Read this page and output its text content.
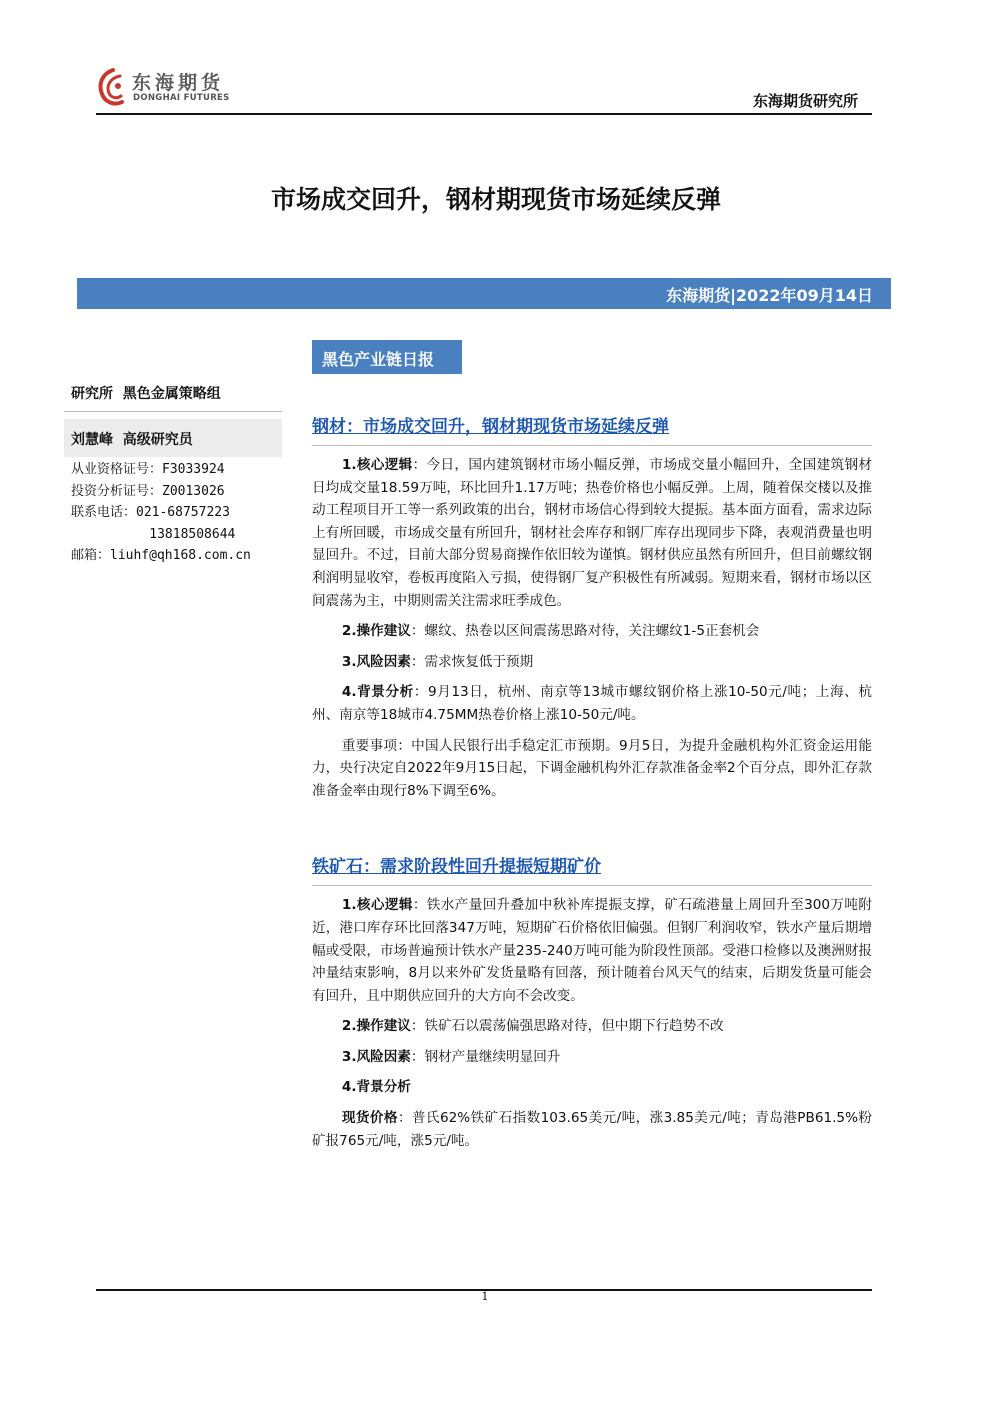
东海期货
DONGHAI FUTURES	东海期货研究所
市场成交回升，钢材期现货市场延续反弹
东海期货|2022年09月14日
黑色产业链日报
研究所  黑色金属策略组
刘慧峰  高级研究员
从业资格证号：F3033924
投资分析证号：Z0013026
联系电话：021-68757223
13818508644
邮箱：liuhf@qh168.com.cn

钢材：市场成交回升，钢材期现货市场延续反弹

1.核心逻辑：今日，国内建筑钢材市场小幅反弹，市场成交量小幅回升，全国建筑钢材日均成交量18.59万吨，环比回升1.17万吨；热卷价格也小幅反弹。上周，随着保交楼以及推动工程项目开工等一系列政策的出台，钢材市场信心得到较大提振。基本面方面看，需求边际上有所回暖，市场成交量有所回升，钢材社会库存和钢厂库存出现同步下降，表观消费量也明显回升。不过，目前大部分贸易商操作依旧较为谨慎。钢材供应虽然有所回升，但目前螺纹钢利润明显收窄，卷板再度陷入亏损，使得钢厂复产积极性有所减弱。短期来看，钢材市场以区间震荡为主，中期则需关注需求旺季成色。

2.操作建议：螺纹、热卷以区间震荡思路对待，关注螺纹1-5正套机会

3.风险因素：需求恢复低于预期

4.背景分析：9月13日，杭州、南京等13城市螺纹钢价格上涨10-50元/吨；上海、杭州、南京等18城市4.75MM热卷价格上涨10-50元/吨。

重要事项：中国人民银行出手稳定汇市预期。9月5日，为提升金融机构外汇资金运用能力，央行决定自2022年9月15日起，下调金融机构外汇存款准备金率2个百分点，即外汇存款准备金率由现行8%下调至6%。

铁矿石：需求阶段性回升提振短期矿价

1.核心逻辑：铁水产量回升叠加中秋补库提振支撑，矿石疏港量上周回升至300万吨附近，港口库存环比回落347万吨，短期矿石价格依旧偏强。但钢厂利润收窄，铁水产量后期增幅或受限，市场普遍预计铁水产量235-240万吨可能为阶段性顶部。受港口检修以及澳洲财报冲量结束影响，8月以来外矿发货量略有回落，预计随着台风天气的结束，后期发货量可能会有回升，且中期供应回升的大方向不会改变。

2.操作建议：铁矿石以震荡偏强思路对待，但中期下行趋势不改

3.风险因素：钢材产量继续明显回升

4.背景分析

现货价格：普氏62%铁矿石指数103.65美元/吨，涨3.85美元/吨；青岛港PB61.5%粉矿报765元/吨，涨5元/吨。

1
